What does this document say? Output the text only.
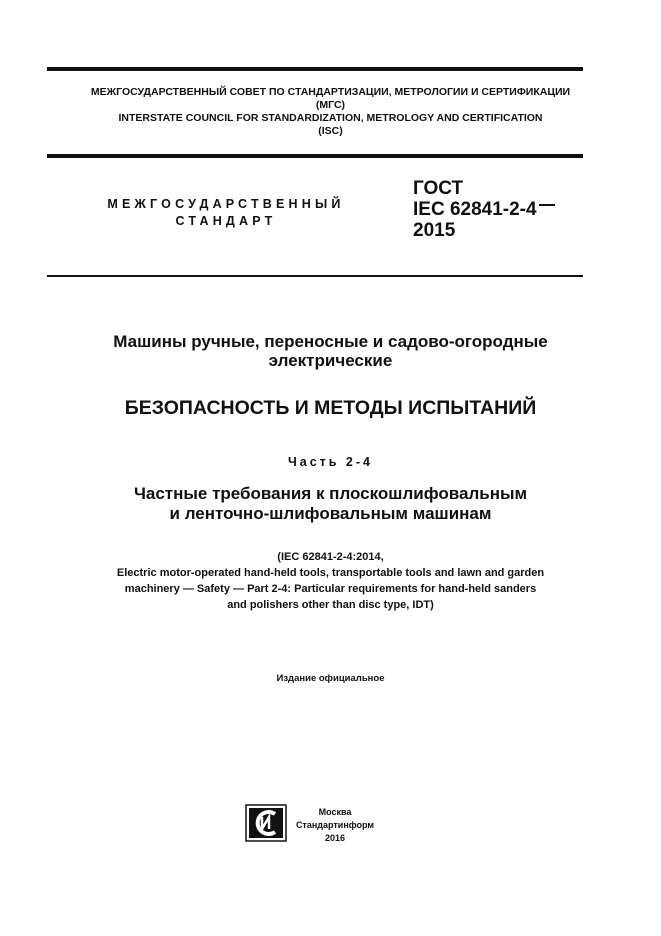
МЕЖГОСУДАРСТВЕННЫЙ СОВЕТ ПО СТАНДАРТИЗАЦИИ, МЕТРОЛОГИИ И СЕРТИФИКАЦИИ
(МГС)
INTERSTATE COUNCIL FOR STANDARDIZATION, METROLOGY AND CERTIFICATION
(ISC)
МЕЖГОСУДАРСТВЕННЫЙ
СТАНДАРТ
ГОСТ
IEC 62841-2-4
2015
Машины ручные, переносные и садово-огородные
электрические
БЕЗОПАСНОСТЬ И МЕТОДЫ ИСПЫТАНИЙ
Часть 2-4
Частные требования к плоскошлифовальным
и ленточно-шлифовальным машинам
(IEC 62841-2-4:2014,
Electric motor-operated hand-held tools, transportable tools and lawn and garden
machinery — Safety — Part 2-4: Particular requirements for hand-held sanders
and polishers other than disc type, IDT)
Издание официальное
Москва
Стандартинформ
2016
